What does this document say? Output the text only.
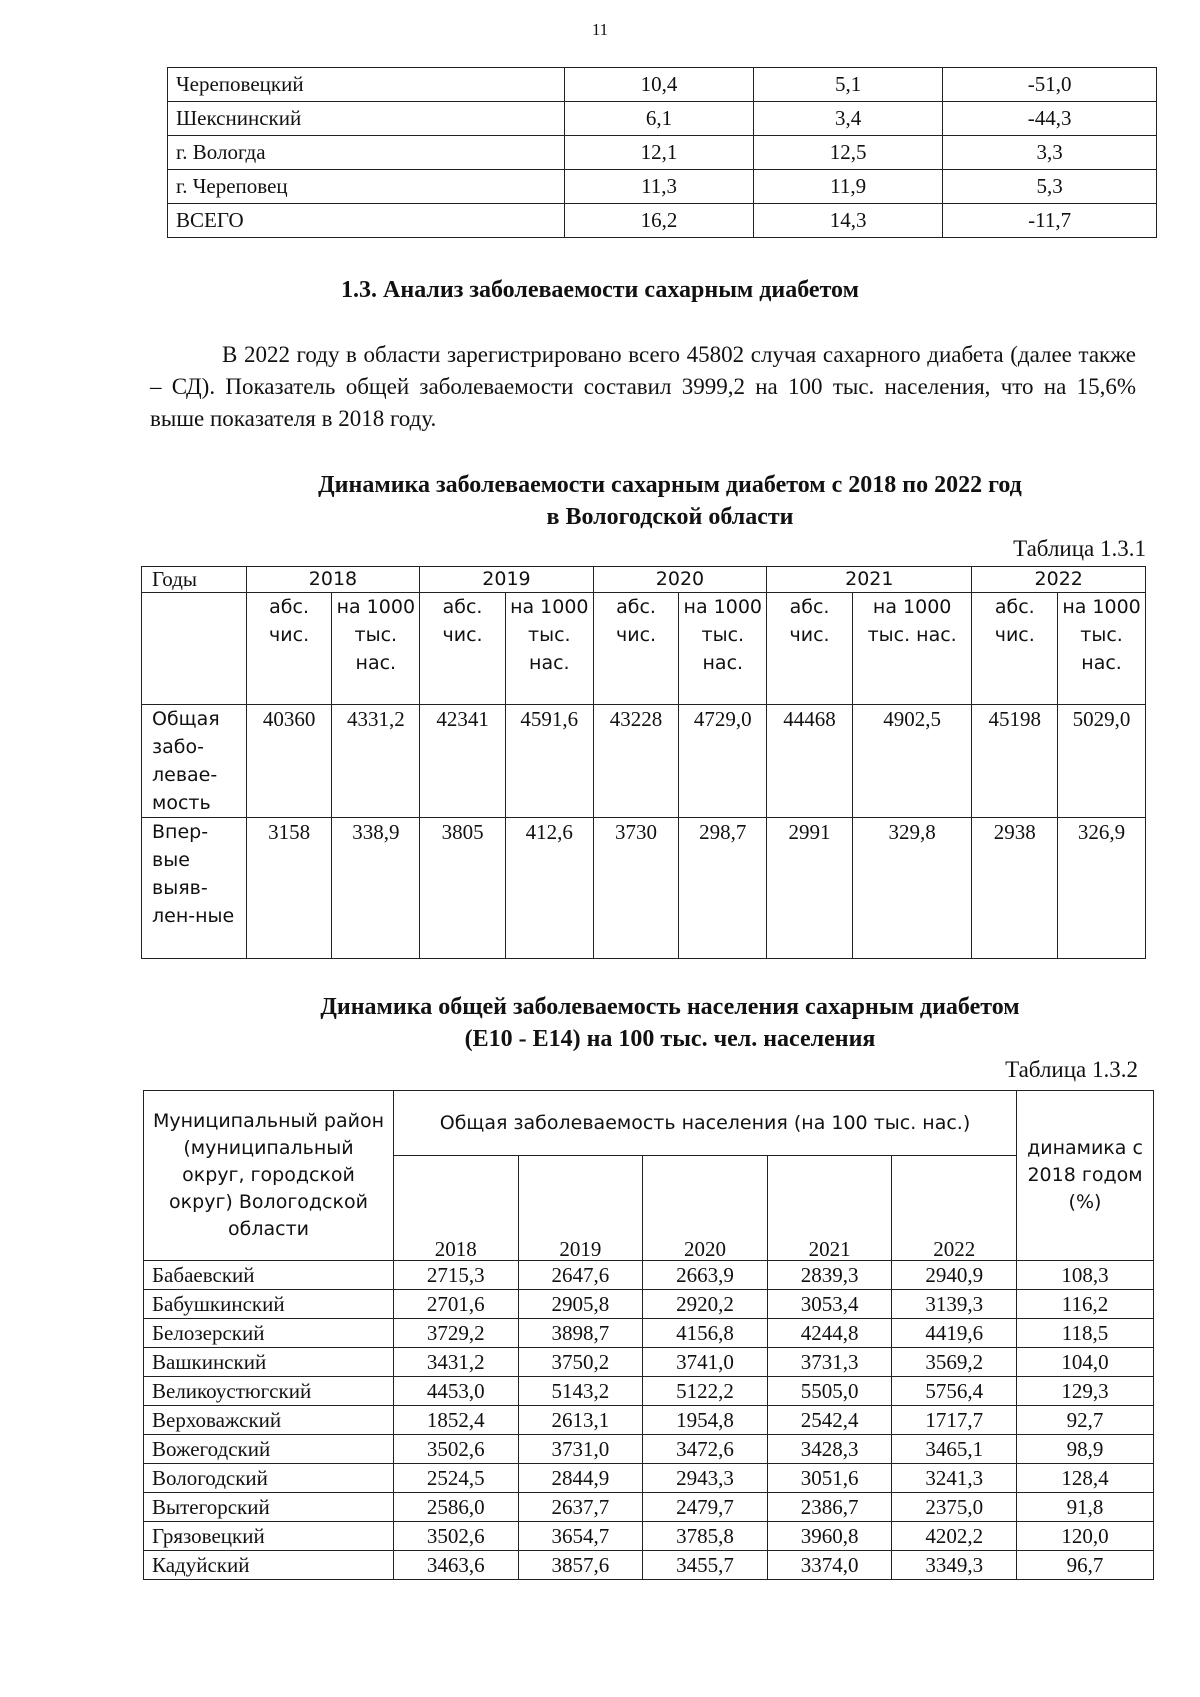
11
Череповецкий	10,4	5,1	-51,0
Шекснинский	6,1	3,4	-44,3
г. Вологда	12,1	12,5	3,3
г. Череповец	11,3	11,9	5,3
ВСЕГО	16,2	14,3	-11,7
1.3. Анализ заболеваемости сахарным диабетом
В 2022 году в области зарегистрировано всего 45802 случая сахарного диабета (далее также – СД). Показатель общей заболеваемости составил 3999,2 на 100 тыс. населения, что на 15,6% выше показателя в 2018 году.
Динамика заболеваемости сахарным диабетом с 2018 по 2022 год
в Вологодской области
Таблица 1.3.1
Годы	2018		2019		2020		2021		2022	
	абс. чис.	на 1000 тыс. нас.	абс. чис.	на 1000 тыс. нас.	абс. чис.	на 1000 тыс. нас.	абс. чис.	на 1000 тыс. нас.	абс. чис.	на 1000 тыс. нас.
Общая забо-левае-мость	40360	4331,2	42341	4591,6	43228	4729,0	44468	4902,5	45198	5029,0
Впер-вые выяв-лен-ные	3158	338,9	3805	412,6	3730	298,7	2991	329,8	2938	326,9
Динамика общей заболеваемость населения сахарным диабетом
(Е10 - Е14) на 100 тыс. чел. населения
Таблица 1.3.2
Муниципальный район (муниципальный округ, городской округ) Вологодской области	Общая заболеваемость населения (на 100 тыс. нас.)					динамика с 2018 годом (%)
	2018	2019	2020	2021	2022	
Бабаевский	2715,3	2647,6	2663,9	2839,3	2940,9	108,3
Бабушкинский	2701,6	2905,8	2920,2	3053,4	3139,3	116,2
Белозерский	3729,2	3898,7	4156,8	4244,8	4419,6	118,5
Вашкинский	3431,2	3750,2	3741,0	3731,3	3569,2	104,0
Великоустюгский	4453,0	5143,2	5122,2	5505,0	5756,4	129,3
Верховажский	1852,4	2613,1	1954,8	2542,4	1717,7	92,7
Вожегодский	3502,6	3731,0	3472,6	3428,3	3465,1	98,9
Вологодский	2524,5	2844,9	2943,3	3051,6	3241,3	128,4
Вытегорский	2586,0	2637,7	2479,7	2386,7	2375,0	91,8
Грязовецкий	3502,6	3654,7	3785,8	3960,8	4202,2	120,0
Кадуйский	3463,6	3857,6	3455,7	3374,0	3349,3	96,7
